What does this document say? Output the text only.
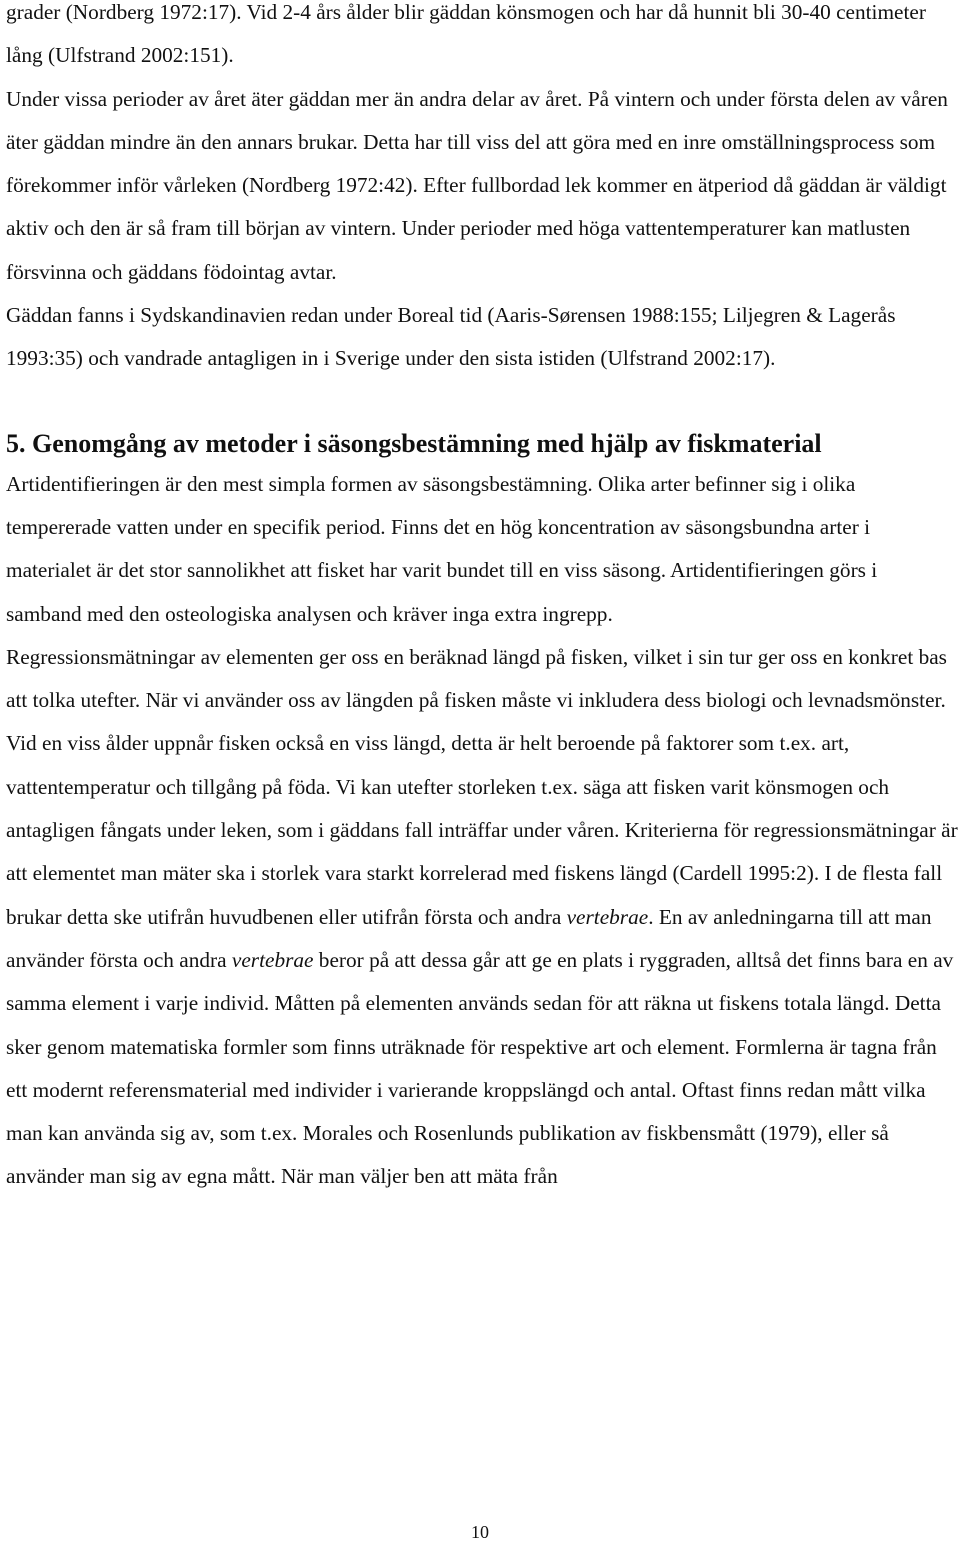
grader (Nordberg 1972:17). Vid 2-4 års ålder blir gäddan könsmogen och har då hunnit bli 30-40 centimeter lång (Ulfstrand 2002:151).

Under vissa perioder av året äter gäddan mer än andra delar av året. På vintern och under första delen av våren äter gäddan mindre än den annars brukar. Detta har till viss del att göra med en inre omställningsprocess som förekommer inför vårleken (Nordberg 1972:42). Efter fullbordad lek kommer en ätperiod då gäddan är väldigt aktiv och den är så fram till början av vintern. Under perioder med höga vattentemperaturer kan matlusten försvinna och gäddans födointag avtar.

Gäddan fanns i Sydskandinavien redan under Boreal tid (Aaris-Sørensen 1988:155; Liljegren & Lagerås 1993:35) och vandrade antagligen in i Sverige under den sista istiden (Ulfstrand 2002:17).

5. Genomgång av metoder i säsongsbestämning med hjälp av fiskmaterial

Artidentifieringen är den mest simpla formen av säsongsbestämning. Olika arter befinner sig i olika tempererade vatten under en specifik period. Finns det en hög koncentration av säsongsbundna arter i materialet är det stor sannolikhet att fisket har varit bundet till en viss säsong. Artidentifieringen görs i samband med den osteologiska analysen och kräver inga extra ingrepp.

Regressionsmätningar av elementen ger oss en beräknad längd på fisken, vilket i sin tur ger oss en konkret bas att tolka utefter. När vi använder oss av längden på fisken måste vi inkludera dess biologi och levnadsmönster. Vid en viss ålder uppnår fisken också en viss längd, detta är helt beroende på faktorer som t.ex. art, vattentemperatur och tillgång på föda. Vi kan utefter storleken t.ex. säga att fisken varit könsmogen och antagligen fångats under leken, som i gäddans fall inträffar under våren. Kriterierna för regressionsmätningar är att elementet man mäter ska i storlek vara starkt korrelerad med fiskens längd (Cardell 1995:2). I de flesta fall brukar detta ske utifrån huvudbenen eller utifrån första och andra vertebrae. En av anledningarna till att man använder första och andra vertebrae beror på att dessa går att ge en plats i ryggraden, alltså det finns bara en av samma element i varje individ. Måtten på elementen används sedan för att räkna ut fiskens totala längd. Detta sker genom matematiska formler som finns uträknade för respektive art och element. Formlerna är tagna från ett modernt referensmaterial med individer i varierande kroppslängd och antal. Oftast finns redan mått vilka man kan använda sig av, som t.ex. Morales och Rosenlunds publikation av fiskbensmått (1979), eller så använder man sig av egna mått. När man väljer ben att mäta från

10
